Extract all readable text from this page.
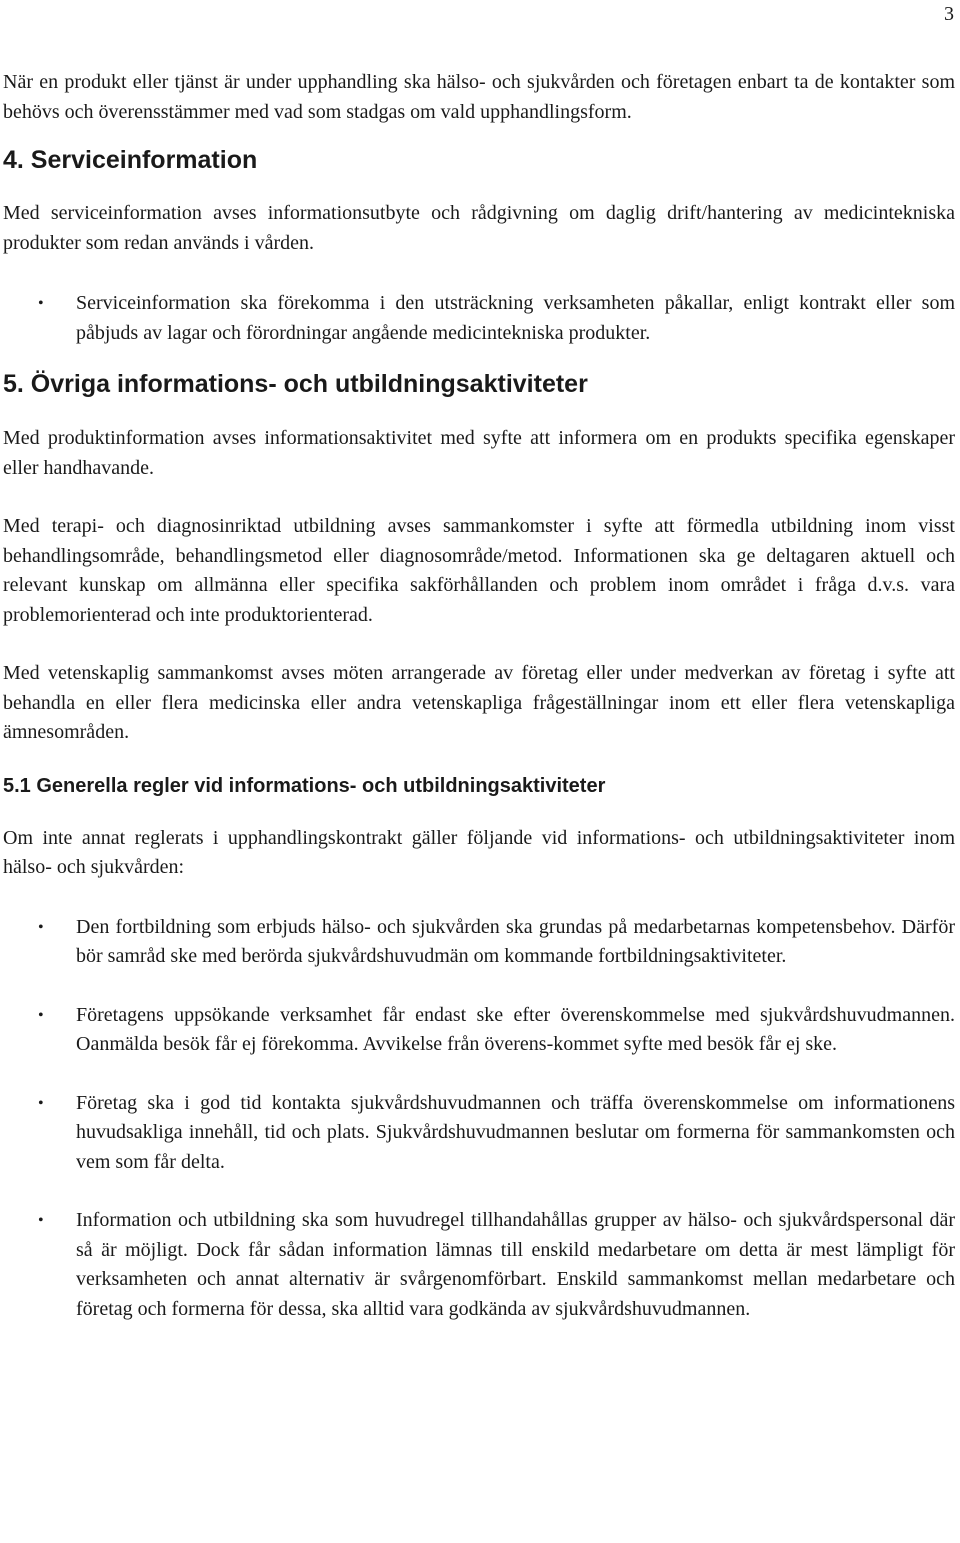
3

När en produkt eller tjänst är under upphandling ska hälso- och sjukvården och företagen enbart ta de kontakter som behövs och överensstämmer med vad som stadgas om vald upphandlingsform.

4. Serviceinformation

Med serviceinformation avses informationsutbyte och rådgivning om daglig drift/hantering av medicintekniska produkter som redan används i vården.

• Serviceinformation ska förekomma i den utsträckning verksamheten påkallar, enligt kontrakt eller som påbjuds av lagar och förordningar angående medicintekniska produkter.
5. Övriga informations- och utbildningsaktiviteter

Med produktinformation avses informationsaktivitet med syfte att informera om en produkts specifika egenskaper eller handhavande.

Med terapi- och diagnosinriktad utbildning avses sammankomster i syfte att förmedla utbildning inom visst behandlingsområde, behandlingsmetod eller diagnosområde/metod. Informationen ska ge deltagaren aktuell och relevant kunskap om allmänna eller specifika sakförhållanden och problem inom området i fråga d.v.s. vara problemorienterad och inte produktorienterad.

Med vetenskaplig sammankomst avses möten arrangerade av företag eller under medverkan av företag i syfte att behandla en eller flera medicinska eller andra vetenskapliga frågeställningar inom ett eller flera vetenskapliga ämnesområden.

5.1 Generella regler vid informations- och utbildningsaktiviteter

Om inte annat reglerats i upphandlingskontrakt gäller följande vid informations- och utbildningsaktiviteter inom hälso- och sjukvården:

• Den fortbildning som erbjuds hälso- och sjukvården ska grundas på medarbetarnas kompetensbehov. Därför bör samråd ske med berörda sjukvårdshuvudmän om kommande fortbildningsaktiviteter.
• Företagens uppsökande verksamhet får endast ske efter överenskommelse med sjukvårdshuvudmannen. Oanmälda besök får ej förekomma. Avvikelse från överens-kommet syfte med besök får ej ske.
• Företag ska i god tid kontakta sjukvårdshuvudmannen och träffa överenskommelse om informationens huvudsakliga innehåll, tid och plats. Sjukvårdshuvudmannen beslutar om formerna för sammankomsten och vem som får delta.
• Information och utbildning ska som huvudregel tillhandahållas grupper av hälso- och sjukvårdspersonal där så är möjligt. Dock får sådan information lämnas till enskild medarbetare om detta är mest lämpligt för verksamheten och annat alternativ är svårgenomförbart. Enskild sammankomst mellan medarbetare och företag och formerna för dessa, ska alltid vara godkända av sjukvårdshuvudmannen.
